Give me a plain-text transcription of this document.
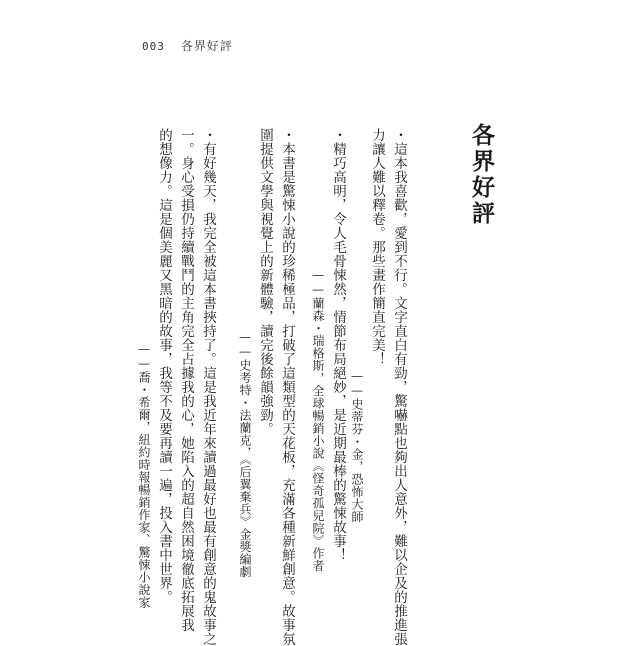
003 各界好評
各界好評
・這本我喜歡，愛到不行。文字直白有勁，驚嚇點也夠出人意外，難以企及的推進張
力讓人難以釋卷。那些畫作簡直完美！
——史蒂芬・金，恐怖大師
・精巧高明，令人毛骨悚然，情節布局絕妙，是近期最棒的驚悚故事！
——蘭森・瑞格斯，全球暢銷小說《怪奇孤兒院》作者
・本書是驚悚小說的珍稀極品，打破了這類型的天花板，充滿各種新鮮創意。故事氛
圍提供文學與視覺上的新體驗，讀完後餘韻強勁。
——史考特・法蘭克，《后翼棄兵》金獎編劇
・有好幾天，我完全被這本書挾持了。這是我近年來讀過最好也最有創意的鬼故事之
一。身心受損仍持續戰鬥的主角完全占據我的心，她陷入的超自然困境徹底拓展我
的想像力。這是個美麗又黑暗的故事，我等不及要再讀一遍，投入書中世界。
——喬・希爾，紐約時報暢銷作家、驚悚小說家
